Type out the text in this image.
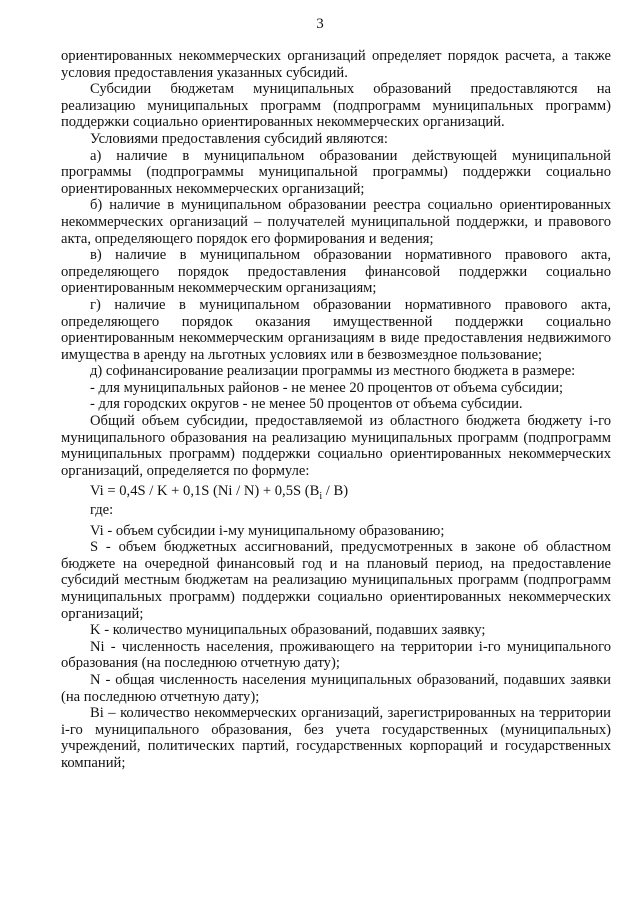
3

ориентированных некоммерческих организаций определяет порядок расчета, а также условия предоставления указанных субсидий.

Субсидии бюджетам муниципальных образований предоставляются на реализацию муниципальных программ (подпрограмм муниципальных программ) поддержки социально ориентированных некоммерческих организаций.

Условиями предоставления субсидий являются:

а) наличие в муниципальном образовании действующей муниципальной программы (подпрограммы муниципальной программы) поддержки социально ориентированных некоммерческих организаций;

б) наличие в муниципальном образовании реестра социально ориентированных некоммерческих организаций – получателей муниципальной поддержки, и правового акта, определяющего порядок его формирования и ведения;

в) наличие в муниципальном образовании нормативного правового акта, определяющего порядок предоставления финансовой поддержки социально ориентированным некоммерческим организациям;

г) наличие в муниципальном образовании нормативного правового акта, определяющего порядок оказания имущественной поддержки социально ориентированным некоммерческим организациям в виде предоставления недвижимого имущества в аренду на льготных условиях или в безвозмездное пользование;

д) софинансирование реализации программы из местного бюджета в размере:

- для муниципальных районов - не менее 20 процентов от объема субсидии;

- для городских округов - не менее 50 процентов от объема субсидии.

Общий объем субсидии, предоставляемой из областного бюджета бюджету i-го муниципального образования на реализацию муниципальных программ (подпрограмм муниципальных программ) поддержки социально ориентированных некоммерческих организаций, определяется по формуле:

Vi = 0,4S / K + 0,1S (Ni / N) + 0,5S $(B_i / B)$

где:

Vi - объем субсидии i-му муниципальному образованию;

S - объем бюджетных ассигнований, предусмотренных в законе об областном бюджете на очередной финансовый год и на плановый период, на предоставление субсидий местным бюджетам на реализацию муниципальных программ (подпрограмм муниципальных программ) поддержки социально ориентированных некоммерческих организаций;

K - количество муниципальных образований, подавших заявку;

Ni - численность населения, проживающего на территории i-го муниципального образования (на последнюю отчетную дату);

N - общая численность населения муниципальных образований, подавших заявки (на последнюю отчетную дату);

Bi – количество некоммерческих организаций, зарегистрированных на территории i-го муниципального образования, без учета государственных (муниципальных) учреждений, политических партий, государственных корпораций и государственных компаний;
